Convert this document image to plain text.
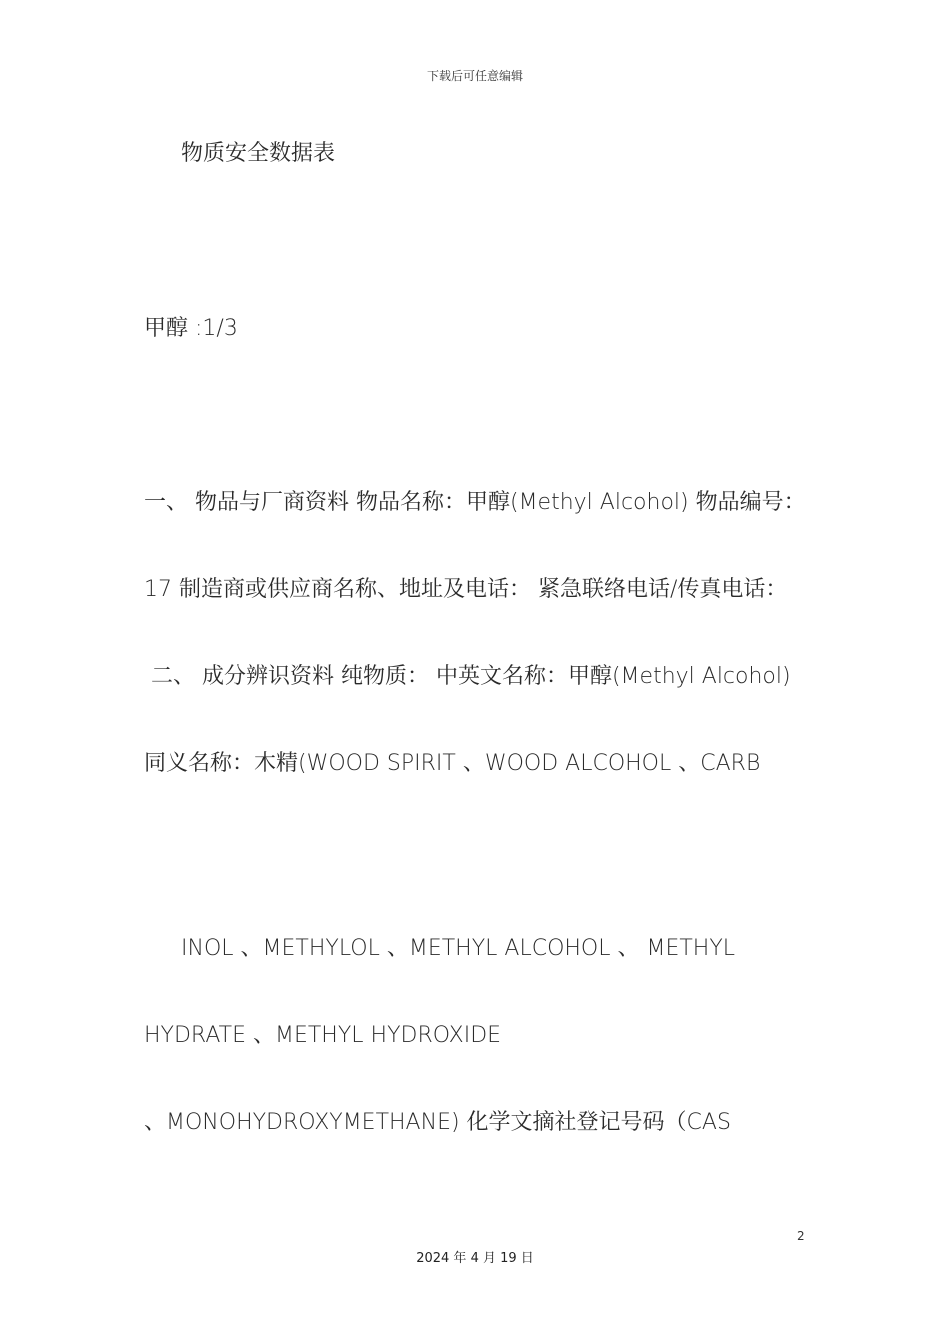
下载后可任意编辑
物质安全数据表
甲醇 :1/3
一、 物品与厂商资料 物品名称：甲醇(Methyl Alcohol) 物品编号：
17 制造商或供应商名称、地址及电话： 紧急联络电话/传真电话：
二、 成分辨识资料 纯物质： 中英文名称：甲醇(Methyl Alcohol)
同义名称：木精(WOOD SPIRIT 、WOOD ALCOHOL 、CARB
INOL 、METHYLOL 、METHYL ALCOHOL 、 METHYL
HYDRATE 、METHYL HYDROXIDE
、MONOHYDROXYMETHANE) 化学文摘社登记号码（CAS
2
2024 年 4 月 19 日
